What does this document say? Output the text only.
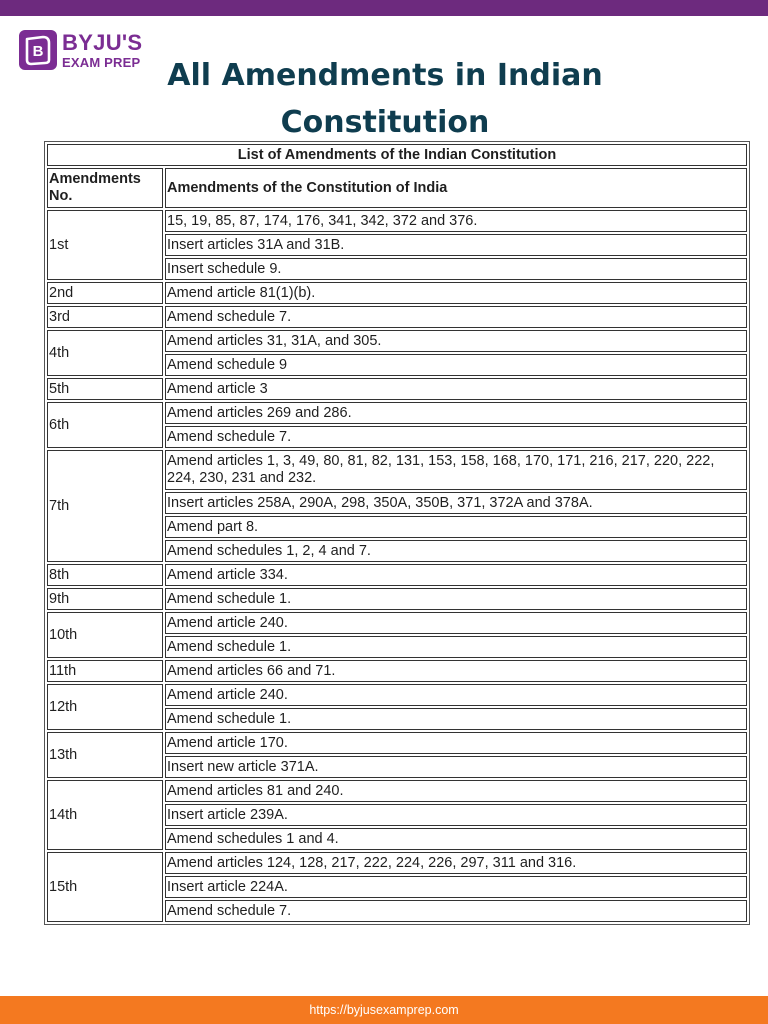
B BYJU'S
EXAM PREP All Amendments in Indian Constitution
List of Amendments of the Indian Constitution	
Amendments No.	Amendments of the Constitution of India
1st	15, 19, 85, 87, 174, 176, 341, 342, 372 and 376.
	Insert articles 31A and 31B.
	Insert schedule 9.
2nd	Amend article 81(1)(b).
3rd	Amend schedule 7.
4th	Amend articles 31, 31A, and 305.
	Amend schedule 9
5th	Amend article 3
6th	Amend articles 269 and 286.
	Amend schedule 7.
7th	Amend articles 1, 3, 49, 80, 81, 82, 131, 153, 158, 168, 170, 171, 216, 217, 220, 222, 224, 230, 231 and 232.
	Insert articles 258A, 290A, 298, 350A, 350B, 371, 372A and 378A.
	Amend part 8.
	Amend schedules 1, 2, 4 and 7.
8th	Amend article 334.
9th	Amend schedule 1.
10th	Amend article 240.
	Amend schedule 1.
11th	Amend articles 66 and 71.
12th	Amend article 240.
	Amend schedule 1.
13th	Amend article 170.
	Insert new article 371A.
14th	Amend articles 81 and 240.
	Insert article 239A.
	Amend schedules 1 and 4.
15th	Amend articles 124, 128, 217, 222, 224, 226, 297, 311 and 316.
	Insert article 224A.
	Amend schedule 7.
https://byjusexamprep.com
